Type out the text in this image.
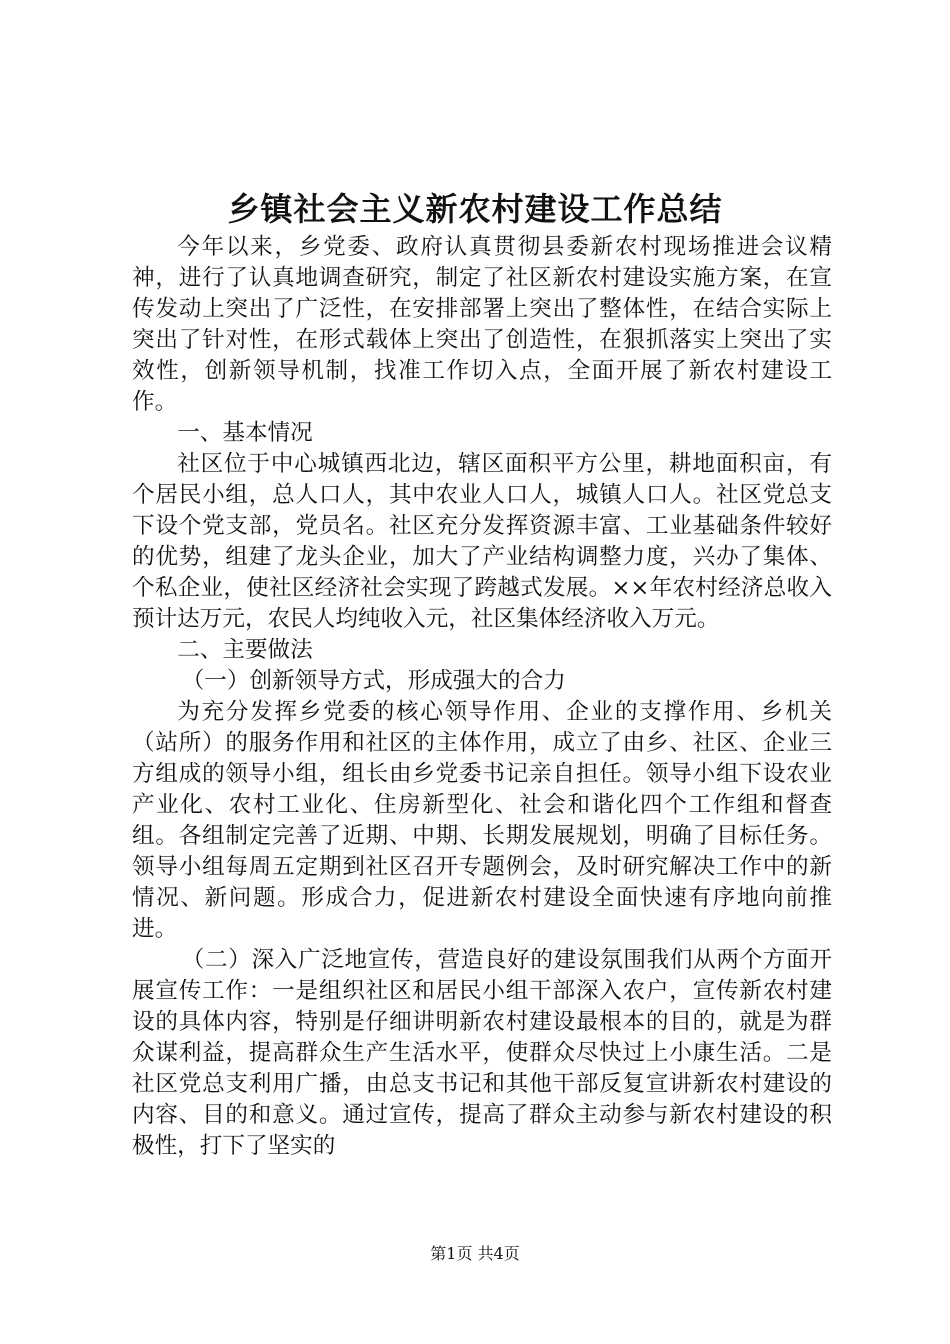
乡镇社会主义新农村建设工作总结

今年以来，乡党委、政府认真贯彻县委新农村现场推进会议精神，进行了认真地调查研究，制定了社区新农村建设实施方案，在宣传发动上突出了广泛性，在安排部署上突出了整体性，在结合实际上突出了针对性，在形式载体上突出了创造性，在狠抓落实上突出了实效性，创新领导机制，找准工作切入点，全面开展了新农村建设工作。

一、基本情况

社区位于中心城镇西北边，辖区面积平方公里，耕地面积亩，有个居民小组，总人口人，其中农业人口人，城镇人口人。社区党总支下设个党支部，党员名。社区充分发挥资源丰富、工业基础条件较好的优势，组建了龙头企业，加大了产业结构调整力度，兴办了集体、个私企业，使社区经济社会实现了跨越式发展。××年农村经济总收入预计达万元，农民人均纯收入元，社区集体经济收入万元。

二、主要做法

（一）创新领导方式，形成强大的合力

为充分发挥乡党委的核心领导作用、企业的支撑作用、乡机关（站所）的服务作用和社区的主体作用，成立了由乡、社区、企业三方组成的领导小组，组长由乡党委书记亲自担任。领导小组下设农业产业化、农村工业化、住房新型化、社会和谐化四个工作组和督查组。各组制定完善了近期、中期、长期发展规划，明确了目标任务。领导小组每周五定期到社区召开专题例会，及时研究解决工作中的新情况、新问题。形成合力，促进新农村建设全面快速有序地向前推进。

（二）深入广泛地宣传，营造良好的建设氛围我们从两个方面开展宣传工作：一是组织社区和居民小组干部深入农户，宣传新农村建设的具体内容，特别是仔细讲明新农村建设最根本的目的，就是为群众谋利益，提高群众生产生活水平，使群众尽快过上小康生活。二是社区党总支利用广播，由总支书记和其他干部反复宣讲新农村建设的内容、目的和意义。通过宣传，提高了群众主动参与新农村建设的积极性，打下了坚实的

第1页 共4页
